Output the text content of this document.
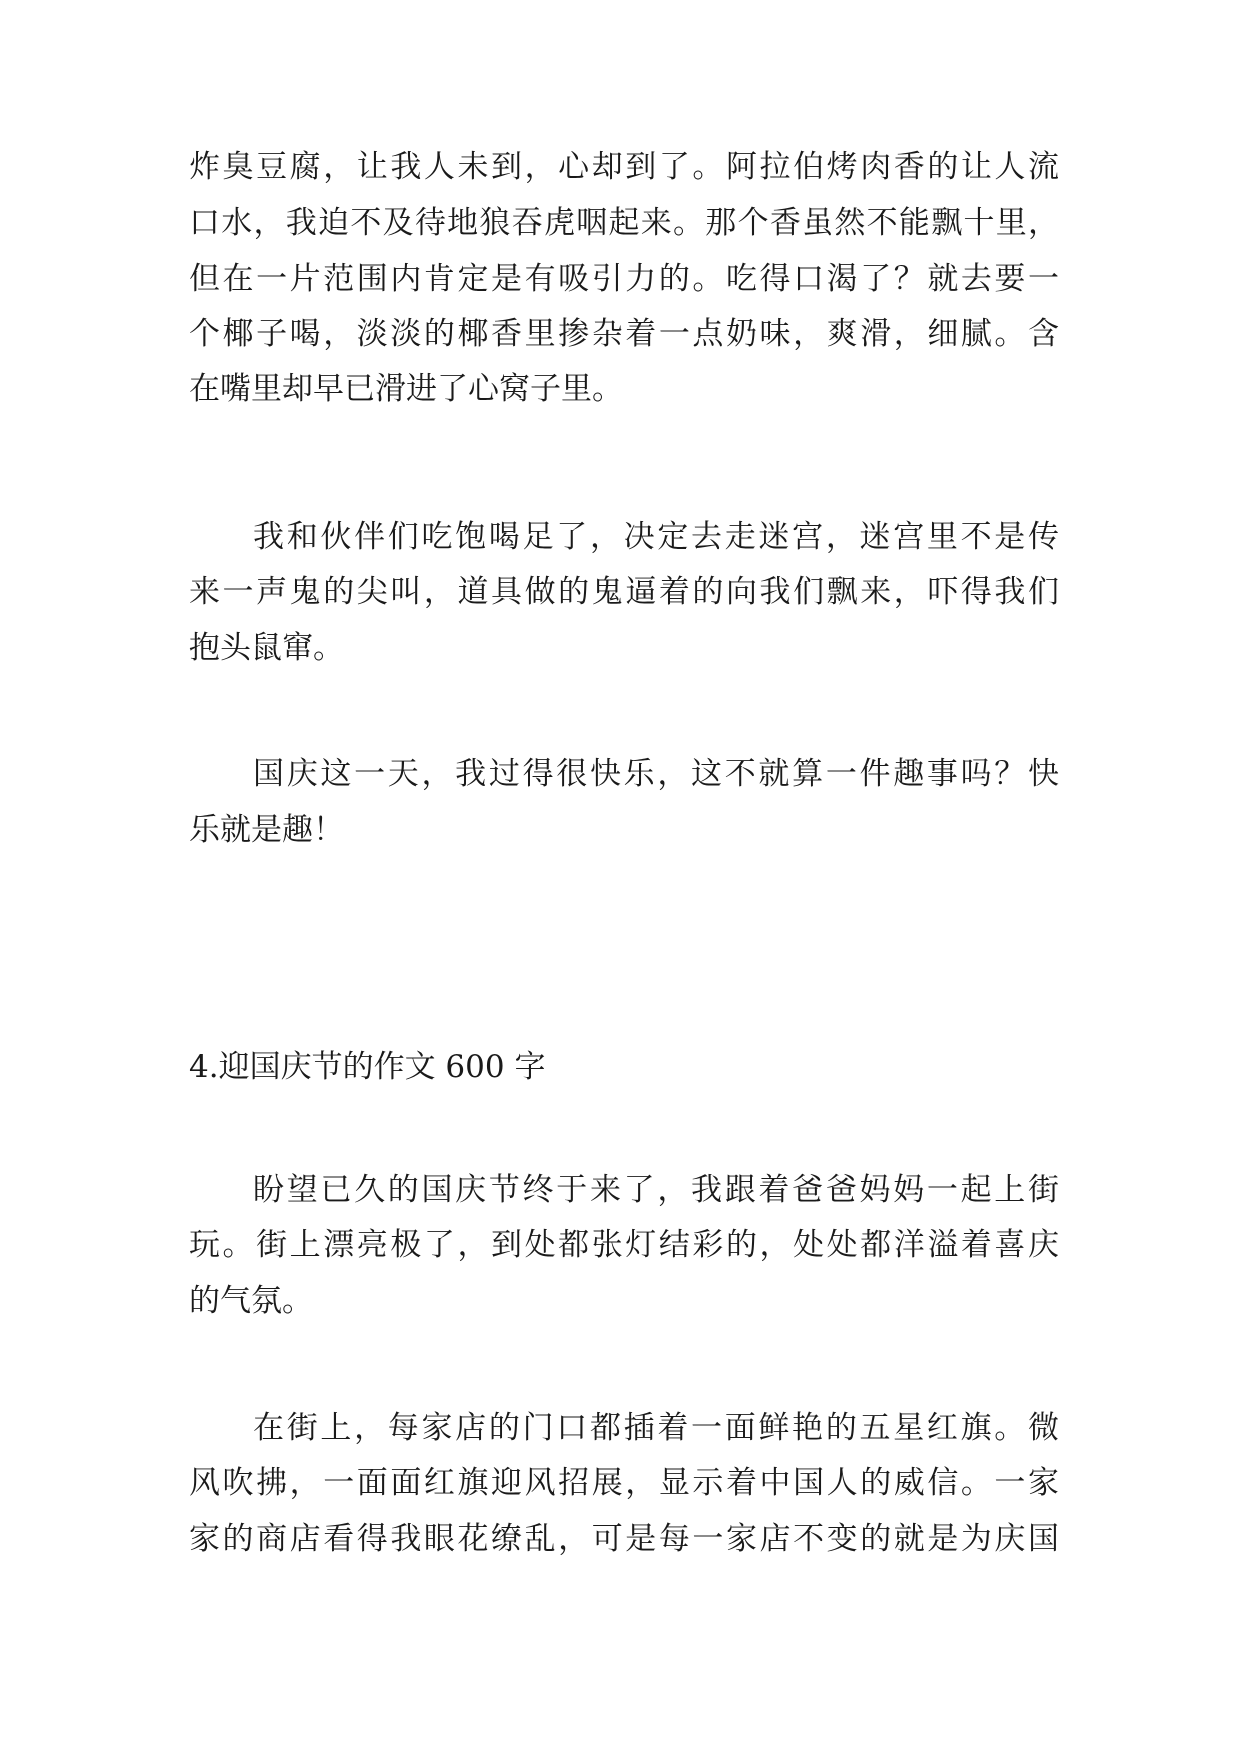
炸臭豆腐，让我人未到，心却到了。阿拉伯烤肉香的让人流
口水，我迫不及待地狼吞虎咽起来。那个香虽然不能飘十里，
但在一片范围内肯定是有吸引力的。吃得口渴了？就去要一
个椰子喝，淡淡的椰香里掺杂着一点奶味，爽滑，细腻。含
在嘴里却早已滑进了心窝子里。
我和伙伴们吃饱喝足了，决定去走迷宫，迷宫里不是传
来一声鬼的尖叫，道具做的鬼逼着的向我们飘来，吓得我们
抱头鼠窜。
国庆这一天，我过得很快乐，这不就算一件趣事吗？快
乐就是趣！
4.迎国庆节的作文 600 字
盼望已久的国庆节终于来了，我跟着爸爸妈妈一起上街
玩。街上漂亮极了，到处都张灯结彩的，处处都洋溢着喜庆
的气氛。
在街上，每家店的门口都插着一面鲜艳的五星红旗。微
风吹拂，一面面红旗迎风招展，显示着中国人的威信。一家
家的商店看得我眼花缭乱，可是每一家店不变的就是为庆国
